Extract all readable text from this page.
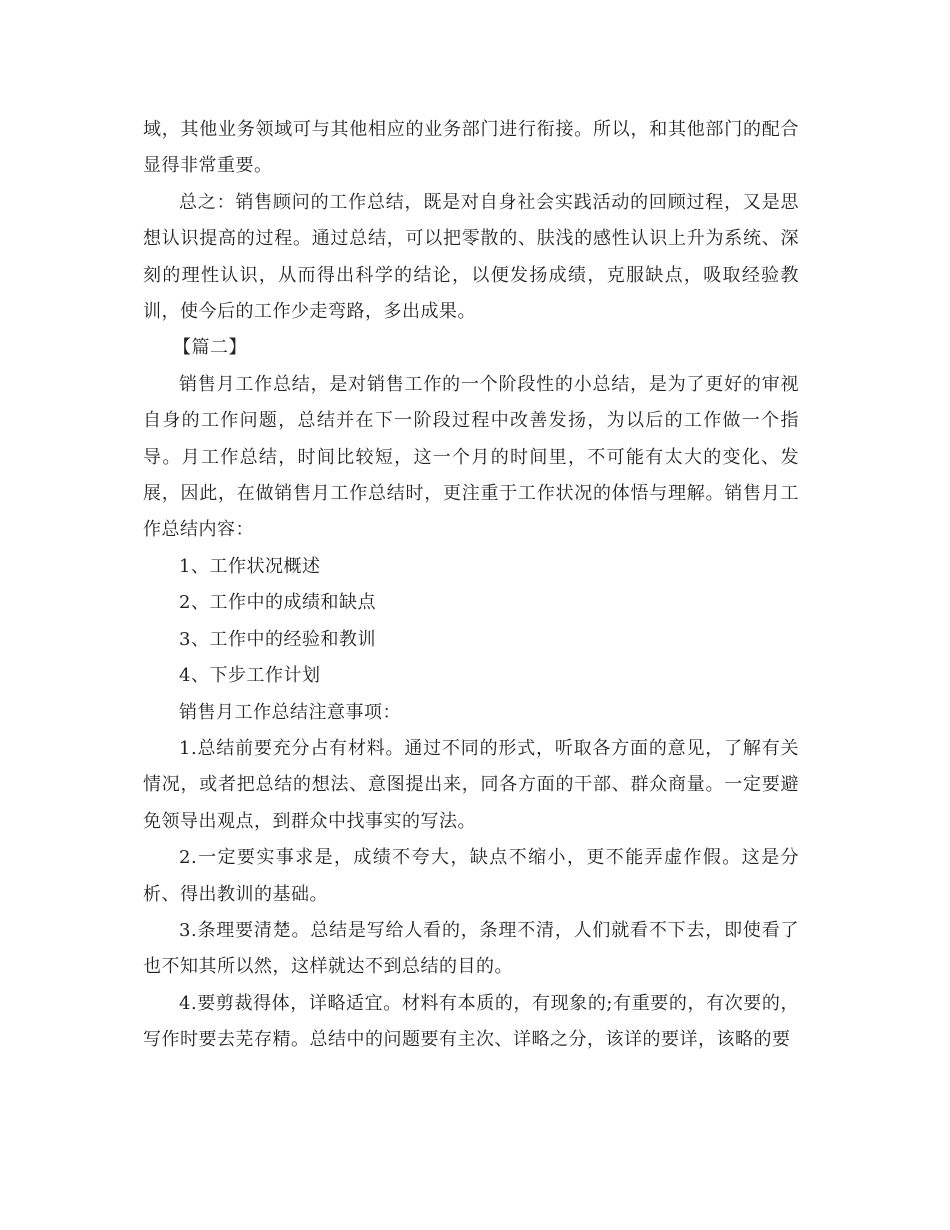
域，其他业务领域可与其他相应的业务部门进行衔接。所以，和其他部门的配合显得非常重要。

总之：销售顾问的工作总结，既是对自身社会实践活动的回顾过程，又是思想认识提高的过程。通过总结，可以把零散的、肤浅的感性认识上升为系统、深刻的理性认识，从而得出科学的结论，以便发扬成绩，克服缺点，吸取经验教训，使今后的工作少走弯路，多出成果。

【篇二】

销售月工作总结，是对销售工作的一个阶段性的小总结，是为了更好的审视自身的工作问题，总结并在下一阶段过程中改善发扬，为以后的工作做一个指导。月工作总结，时间比较短，这一个月的时间里，不可能有太大的变化、发展，因此，在做销售月工作总结时，更注重于工作状况的体悟与理解。销售月工作总结内容：

1、工作状况概述

2、工作中的成绩和缺点

3、工作中的经验和教训

4、下步工作计划

销售月工作总结注意事项：

1.总结前要充分占有材料。通过不同的形式，听取各方面的意见，了解有关情况，或者把总结的想法、意图提出来，同各方面的干部、群众商量。一定要避免领导出观点，到群众中找事实的写法。

2.一定要实事求是，成绩不夸大，缺点不缩小，更不能弄虚作假。这是分析、得出教训的基础。

3.条理要清楚。总结是写给人看的，条理不清，人们就看不下去，即使看了也不知其所以然，这样就达不到总结的目的。

4.要剪裁得体，详略适宜。材料有本质的，有现象的;有重要的，有次要的，写作时要去芜存精。总结中的问题要有主次、详略之分，该详的要详，该略的要
